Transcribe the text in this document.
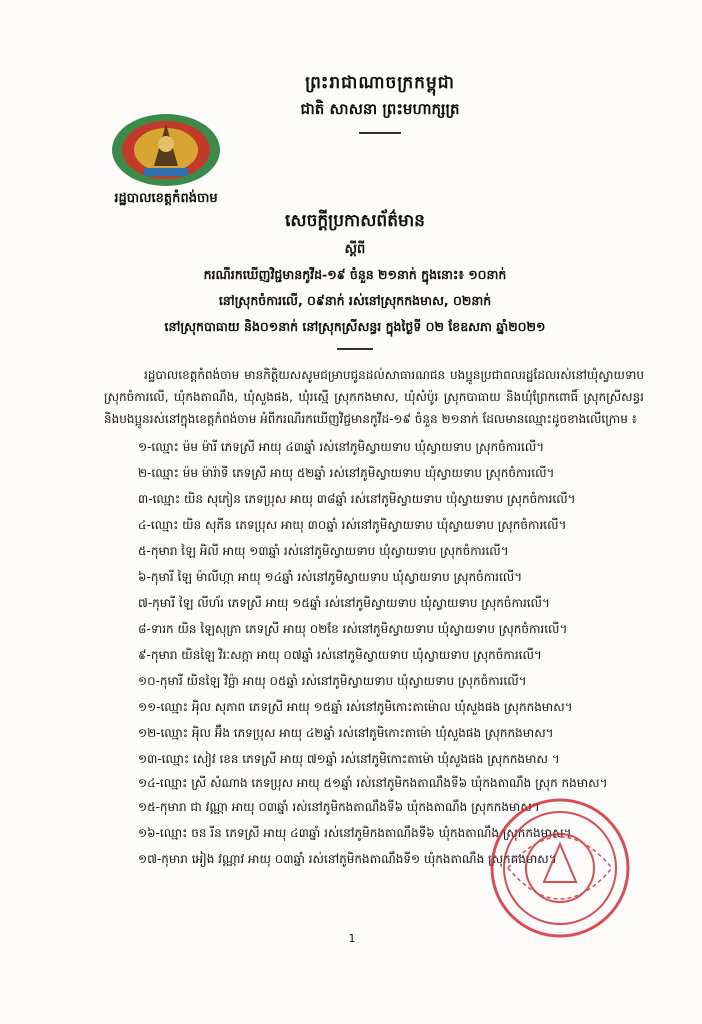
ព្រះរាជាណាចក្រកម្ពុជា
ជាតិ សាសនា ព្រះមហាក្សត្រ
រដ្ឋបាលខេត្តកំពង់ចាម
សេចក្តីប្រកាសព័ត៌មាន
ស្តីពី
ករណីរកឃើញវិជ្ជមានកូវីដ-១៩ ចំនួន ២១នាក់ ក្នុងនោះ៖ ១០នាក់
នៅស្រុកចំការលើ, ០៩នាក់ រស់នៅស្រុកកងមាស, ០២នាក់
នៅស្រុកបាធាយ និង០១នាក់ នៅស្រុកស្រីសន្ធរ ក្នុងថ្ងៃទី ០២ ខែឧសភា ឆ្នាំ២០២១

រដ្ឋបាលខេត្តកំពង់ចាម មានកិត្តិយសសូមជម្រាបជូនដល់សាធារណជន បងប្អូនប្រជាពលរដ្ឋដែលរស់នៅឃុំស្វាយទាប ស្រុកចំការលើ, ឃុំកងតាណឹង, ឃុំសួងផង, ឃុំរស្មើ ស្រុកកងមាស, ឃុំសំប៉ូរ ស្រុកបាធាយ និងឃុំព្រែកពោធិ៍ ស្រុកស្រីសន្ធរ និងបងប្អូនរស់នៅក្នុងខេត្តកំពង់ចាម អំពីករណីរកឃើញវិជ្ជមានកូវីដ-១៩ ចំនួន ២១នាក់ ដែលមានឈ្មោះដូចខាងលើក្រោម ៖

១-ឈ្មោះ ម៉ម ម៉ារី ភេទស្រី អាយុ ៤៣ឆ្នាំ រស់នៅភូមិស្វាយទាប ឃុំស្វាយទាប ស្រុកចំការលើ។
២-ឈ្មោះ ម៉ម ម៉ារ៉ាទី ភេទស្រី អាយុ ៥២ឆ្នាំ រស់នៅភូមិស្វាយទាប ឃុំស្វាយទាប ស្រុកចំការលើ។
៣-ឈ្មោះ យិន សុភៀន ភេទប្រុស អាយុ ៣៨ឆ្នាំ រស់នៅភូមិស្វាយទាប ឃុំស្វាយទាប ស្រុកចំការលើ។
៤-ឈ្មោះ យិន សុភីន ភេទប្រុស អាយុ ៣០ឆ្នាំ រស់នៅភូមិស្វាយទាប ឃុំស្វាយទាប ស្រុកចំការលើ។
៥-កុមារា ឡៃ អិលី អាយុ ១៣ឆ្នាំ រស់នៅភូមិស្វាយទាប ឃុំស្វាយទាប ស្រុកចំការលើ។
៦-កុមារី ឡៃ ម៉ាលីហ្កា អាយុ ១៤ឆ្នាំ រស់នៅភូមិស្វាយទាប ឃុំស្វាយទាប ស្រុកចំការលើ។
៧-កុមារី ឡៃ លីហ័រ ភេទស្រី អាយុ ១៥ឆ្នាំ រស់នៅភូមិស្វាយទាប ឃុំស្វាយទាប ស្រុកចំការលើ។
៨-ទារក យិន ឡៃសុភ្រា ភេទស្រី អាយុ ០២ខែ រស់នៅភូមិស្វាយទាប ឃុំស្វាយទាប ស្រុកចំការលើ។
៩-កុមារា យិនឡៃ វិរៈសក្កា អាយុ ០៧ឆ្នាំ រស់នៅភូមិស្វាយទាប ឃុំស្វាយទាប ស្រុកចំការលើ។
១០-កុមារី យិនឡៃ វិច្ឆ៉ា អាយុ ០៥ឆ្នាំ រស់នៅភូមិស្វាយទាប ឃុំស្វាយទាប ស្រុកចំការលើ។
១១-ឈ្មោះ អុិល សុភាព ភេទស្រី អាយុ ១៥ឆ្នាំ រស់នៅភូមិកោះតាម៉ោល ឃុំសួងផង ស្រុកកងមាស។
១២-ឈ្មោះ អុិល អ៊ឹង ភេទប្រុស អាយុ ៤២ឆ្នាំ រស់នៅភូមិកោះតាម៉ោ ឃុំសួងផង ស្រុកកងមាស។
១៣-ឈ្មោះ សៀវ ខេន ភេទស្រី អាយុ ៧១ឆ្នាំ រស់នៅភូមិកោះតាម៉ោ ឃុំសួងផង ស្រុកកងមាស ។
១៤-ឈ្មោះ ស្រី សំណាង ភេទប្រុស អាយុ ៥១ឆ្នាំ រស់នៅភូមិកងតាណឹងទី៦ ឃុំកងតាណឹង ស្រុក កងមាស។
១៥-កុមារា ជា វណ្ណា អាយុ ០៣ឆ្នាំ រស់នៅភូមិកងតាណឹងទី៦ ឃុំកងតាណឹង ស្រុកកងមាស។
១៦-ឈ្មោះ ចន រីន ភេទស្រី អាយុ ៤៣ឆ្នាំ រស់នៅភូមិកងតាណឹងទី៦ ឃុំកងតាណឹង ស្រុកកងមាស។
១៧-កុមារា អៀង វណ្ណាវ អាយុ ០៣ឆ្នាំ រស់នៅភូមិកងតាណឹងទី១ ឃុំកងតាណឹង ស្រុកកងមាស។
1
